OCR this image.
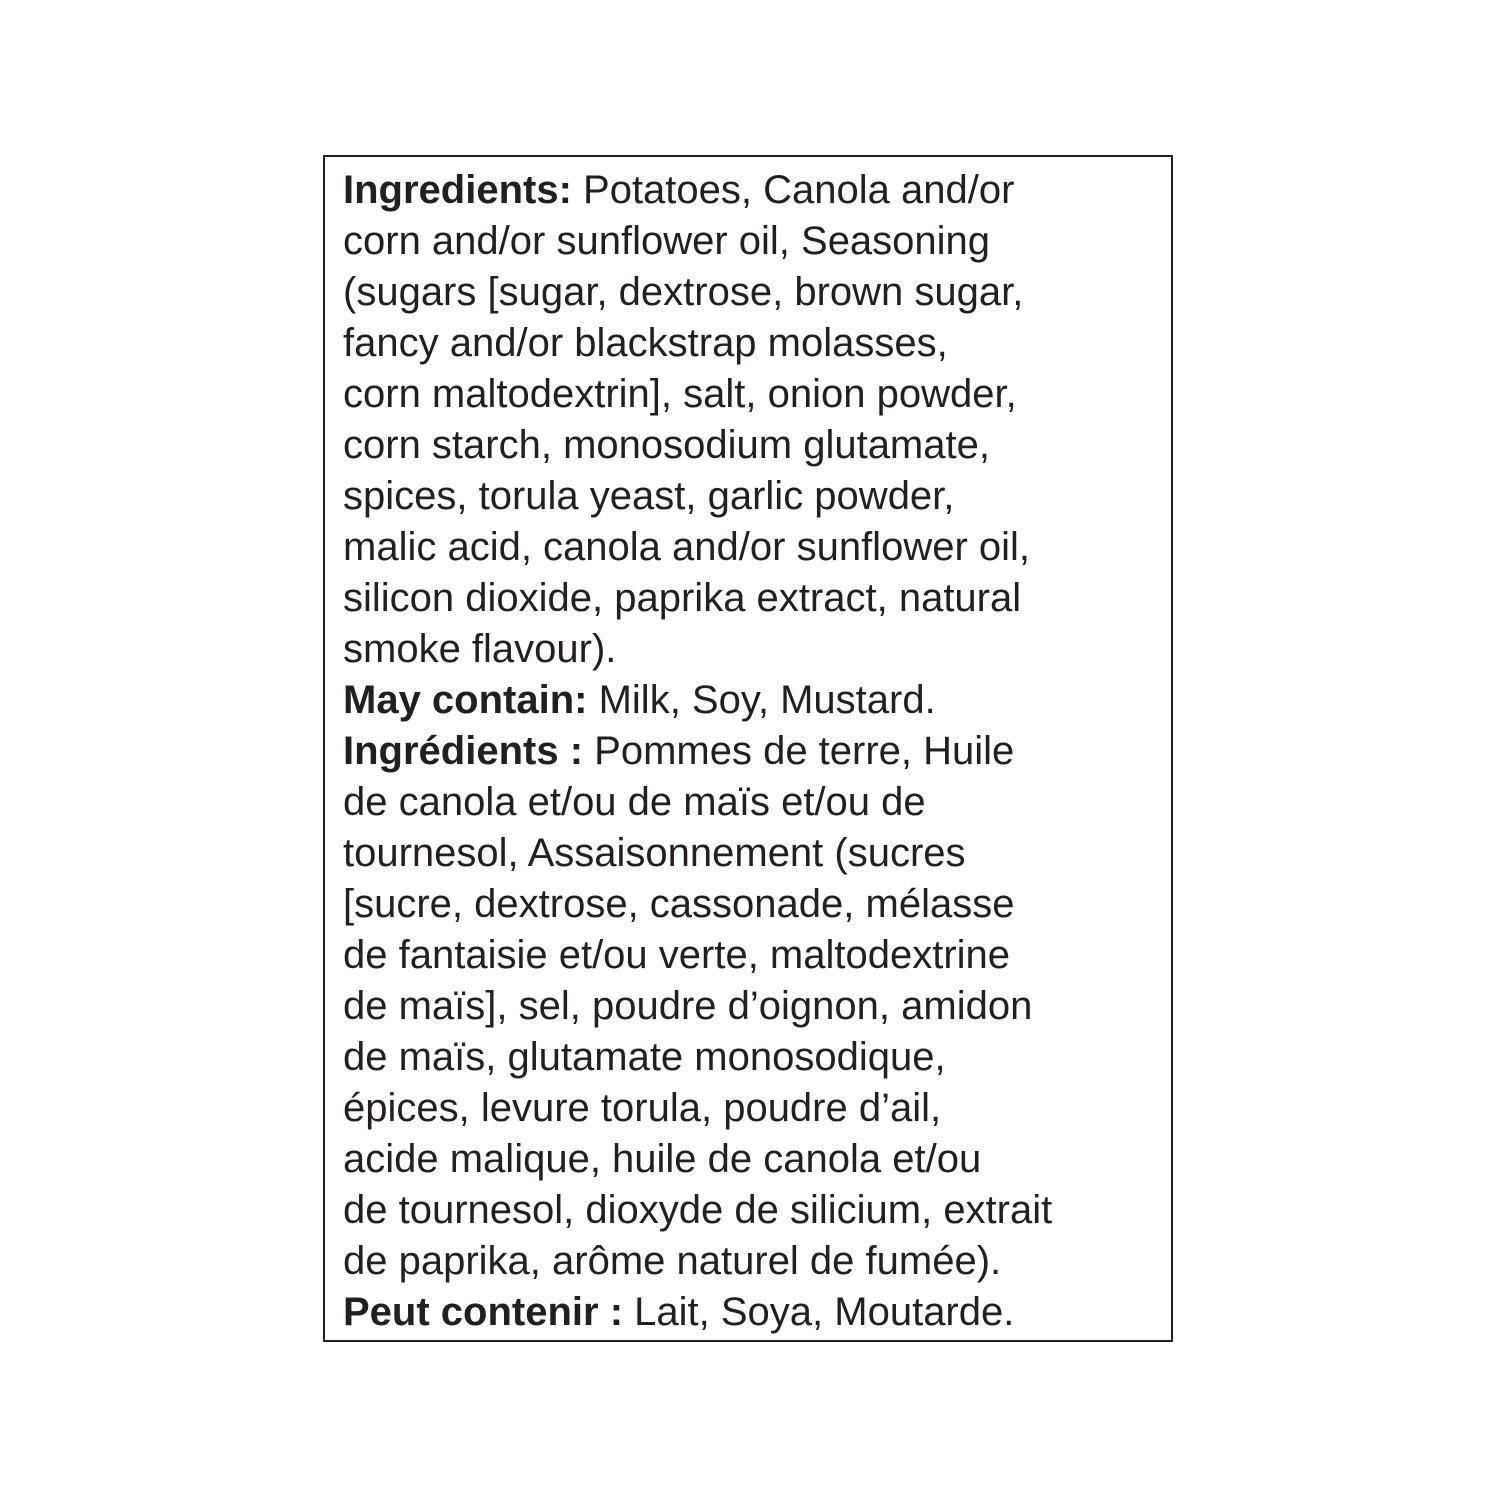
Ingredients: Potatoes, Canola and/or
corn and/or sunflower oil, Seasoning
(sugars [sugar, dextrose, brown sugar,
fancy and/or blackstrap molasses,
corn maltodextrin], salt, onion powder,
corn starch, monosodium glutamate,
spices, torula yeast, garlic powder,
malic acid, canola and/or sunflower oil,
silicon dioxide, paprika extract, natural
smoke flavour).
May contain: Milk, Soy, Mustard.
Ingrédients : Pommes de terre, Huile
de canola et/ou de maïs et/ou de
tournesol, Assaisonnement (sucres
[sucre, dextrose, cassonade, mélasse
de fantaisie et/ou verte, maltodextrine
de maïs], sel, poudre d’oignon, amidon
de maïs, glutamate monosodique,
épices, levure torula, poudre d’ail,
acide malique, huile de canola et/ou
de tournesol, dioxyde de silicium, extrait
de paprika, arôme naturel de fumée).
Peut contenir : Lait, Soya, Moutarde.
